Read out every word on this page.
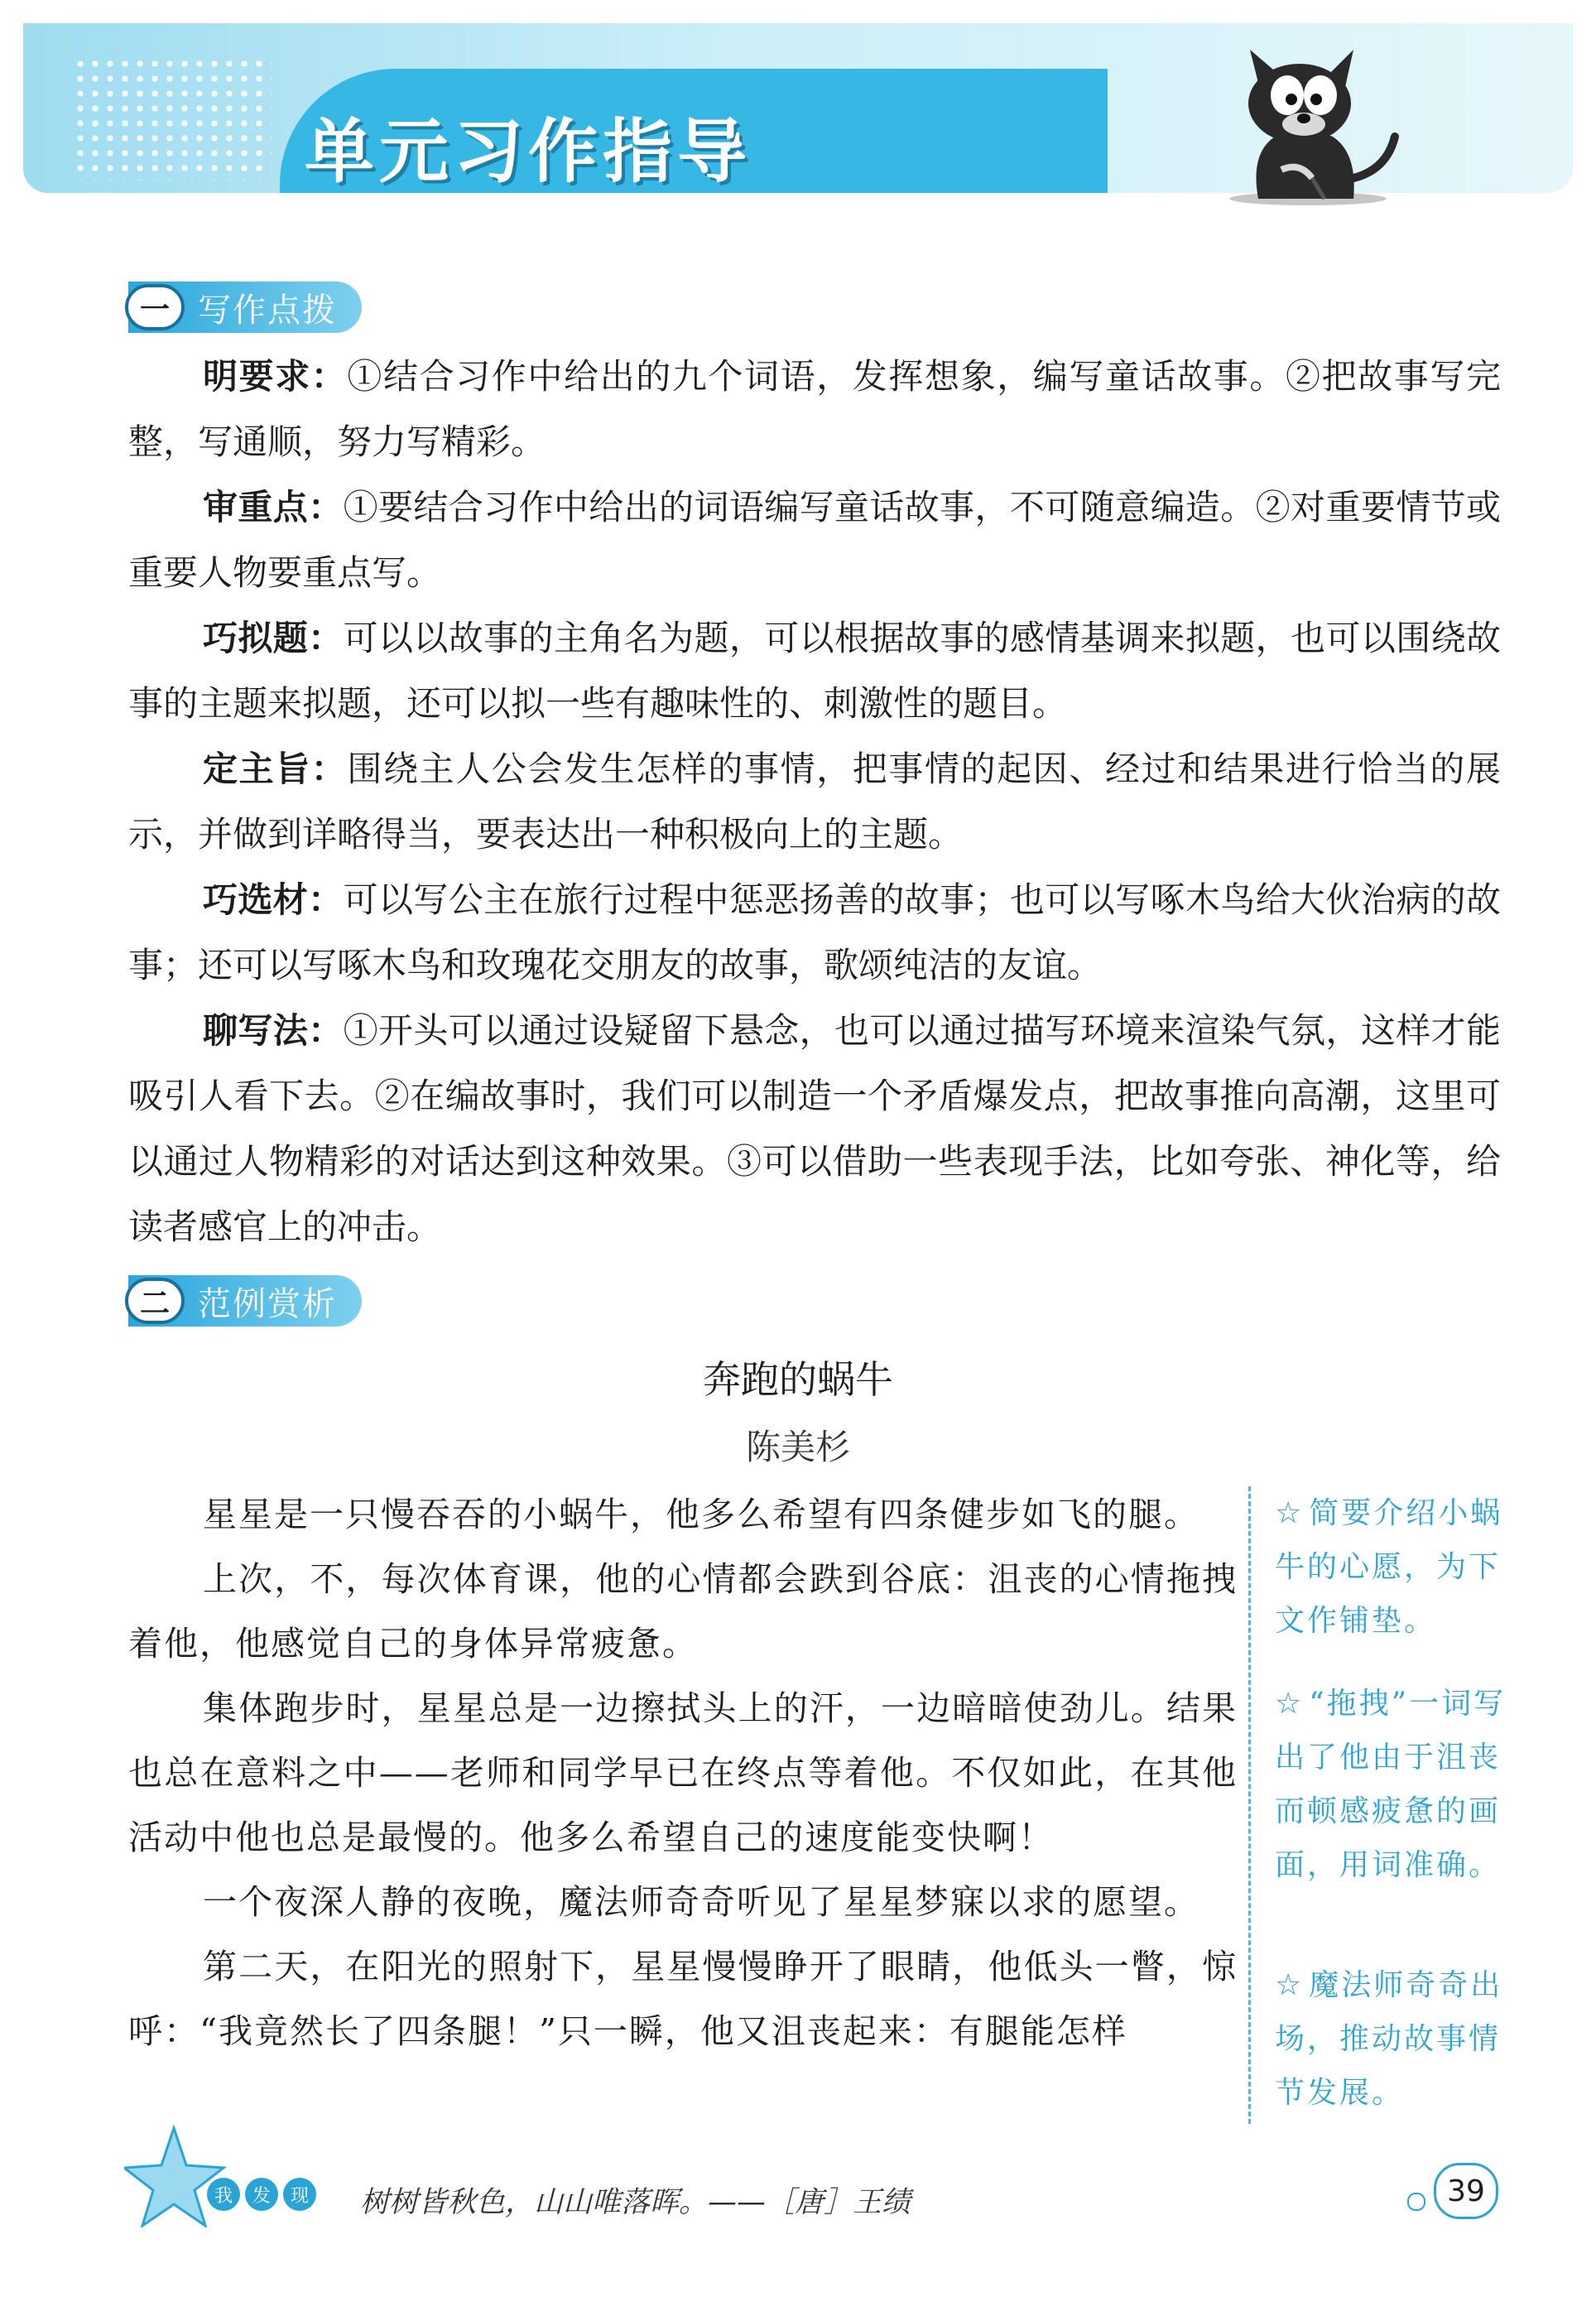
单元习作指导
一 写作点拨

明要求：①结合习作中给出的九个词语，发挥想象，编写童话故事。②把故事写完整，写通顺，努力写精彩。

审重点：①要结合习作中给出的词语编写童话故事，不可随意编造。②对重要情节或重要人物要重点写。

巧拟题：可以以故事的主角名为题，可以根据故事的感情基调来拟题，也可以围绕故事的主题来拟题，还可以拟一些有趣味性的、刺激性的题目。

定主旨：围绕主人公会发生怎样的事情，把事情的起因、经过和结果进行恰当的展示，并做到详略得当，要表达出一种积极向上的主题。

巧选材：可以写公主在旅行过程中惩恶扬善的故事；也可以写啄木鸟给大伙治病的故事；还可以写啄木鸟和玫瑰花交朋友的故事，歌颂纯洁的友谊。

聊写法：①开头可以通过设疑留下悬念，也可以通过描写环境来渲染气氛，这样才能吸引人看下去。②在编故事时，我们可以制造一个矛盾爆发点，把故事推向高潮，这里可以通过人物精彩的对话达到这种效果。③可以借助一些表现手法，比如夸张、神化等，给读者感官上的冲击。

二 范例赏析
奔跑的蜗牛
陈美杉

星星是一只慢吞吞的小蜗牛，他多么希望有四条健步如飞的腿。

上次，不，每次体育课，他的心情都会跌到谷底：沮丧的心情拖拽着他，他感觉自己的身体异常疲惫。

集体跑步时，星星总是一边擦拭头上的汗，一边暗暗使劲儿。结果也总在意料之中——老师和同学早已在终点等着他。不仅如此，在其他活动中他也总是最慢的。他多么希望自己的速度能变快啊！

一个夜深人静的夜晚，魔法师奇奇听见了星星梦寐以求的愿望。

第二天，在阳光的照射下，星星慢慢睁开了眼睛，他低头一瞥，惊呼：“我竟然长了四条腿！”只一瞬，他又沮丧起来：有腿能怎样

☆ 简要介绍小蜗牛的心愿，为下文作铺垫。
☆ “拖拽”一词写出了他由于沮丧而顿感疲惫的画面，用词准确。
☆ 魔法师奇奇出场，推动故事情节发展。
我	发	现 树树皆秋色，山山唯落晖。——［唐］王绩	39
